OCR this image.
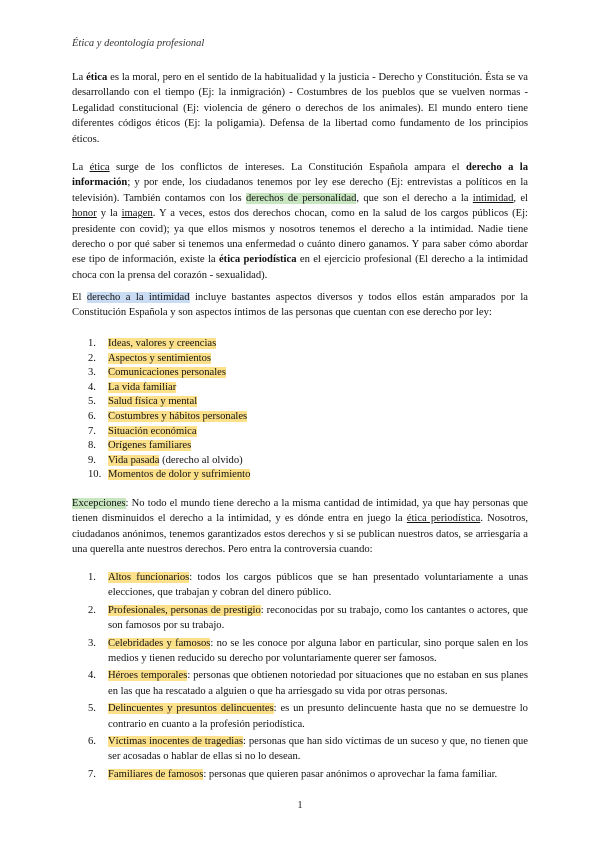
Ética y deontología profesional

La ética es la moral, pero en el sentido de la habitualidad y la justicia - Derecho y Constitución. Ésta se va desarrollando con el tiempo (Ej: la inmigración) - Costumbres de los pueblos que se vuelven normas - Legalidad constitucional (Ej: violencia de género o derechos de los animales). El mundo entero tiene diferentes códigos éticos (Ej: la poligamia). Defensa de la libertad como fundamento de los principios éticos.

La ética surge de los conflictos de intereses. La Constitución Española ampara el derecho a la información; y por ende, los ciudadanos tenemos por ley ese derecho (Ej: entrevistas a políticos en la televisión). También contamos con los derechos de personalidad, que son el derecho a la intimidad, el honor y la imagen. Y a veces, estos dos derechos chocan, como en la salud de los cargos públicos (Ej: presidente con covid); ya que ellos mismos y nosotros tenemos el derecho a la intimidad. Nadie tiene derecho o por qué saber si tenemos una enfermedad o cuánto dinero ganamos. Y para saber cómo abordar ese tipo de información, existe la ética periodística en el ejercicio profesional (El derecho a la intimidad choca con la prensa del corazón - sexualidad).

El derecho a la intimidad incluye bastantes aspectos diversos y todos ellos están amparados por la Constitución Española y son aspectos íntimos de las personas que cuentan con ese derecho por ley:

1. Ideas, valores y creencias
2. Aspectos y sentimientos
3. Comunicaciones personales
4. La vida familiar
5. Salud física y mental
6. Costumbres y hábitos personales
7. Situación económica
8. Orígenes familiares
9. Vida pasada (derecho al olvido)
10. Momentos de dolor y sufrimiento

Excepciones: No todo el mundo tiene derecho a la misma cantidad de intimidad, ya que hay personas que tienen disminuidos el derecho a la intimidad, y es dónde entra en juego la ética periodística. Nosotros, ciudadanos anónimos, tenemos garantizados estos derechos y si se publican nuestros datos, se arriesgaría a una querella ante nuestros derechos. Pero entra la controversia cuando:

1. Altos funcionarios: todos los cargos públicos que se han presentado voluntariamente a unas elecciones, que trabajan y cobran del dinero público.
2. Profesionales, personas de prestigio: reconocidas por su trabajo, como los cantantes o actores, que son famosos por su trabajo.
3. Celebridades y famosos: no se les conoce por alguna labor en particular, sino porque salen en los medios y tienen reducido su derecho por voluntariamente querer ser famosos.
4. Héroes temporales: personas que obtienen notoriedad por situaciones que no estaban en sus planes en las que ha rescatado a alguien o que ha arriesgado su vida por otras personas.
5. Delincuentes y presuntos delincuentes: es un presunto delincuente hasta que no se demuestre lo contrario en cuanto a la profesión periodística.
6. Víctimas inocentes de tragedias: personas que han sido víctimas de un suceso y que, no tienen que ser acosadas o hablar de ellas si no lo desean.
7. Familiares de famosos: personas que quieren pasar anónimos o aprovechar la fama familiar.
1
